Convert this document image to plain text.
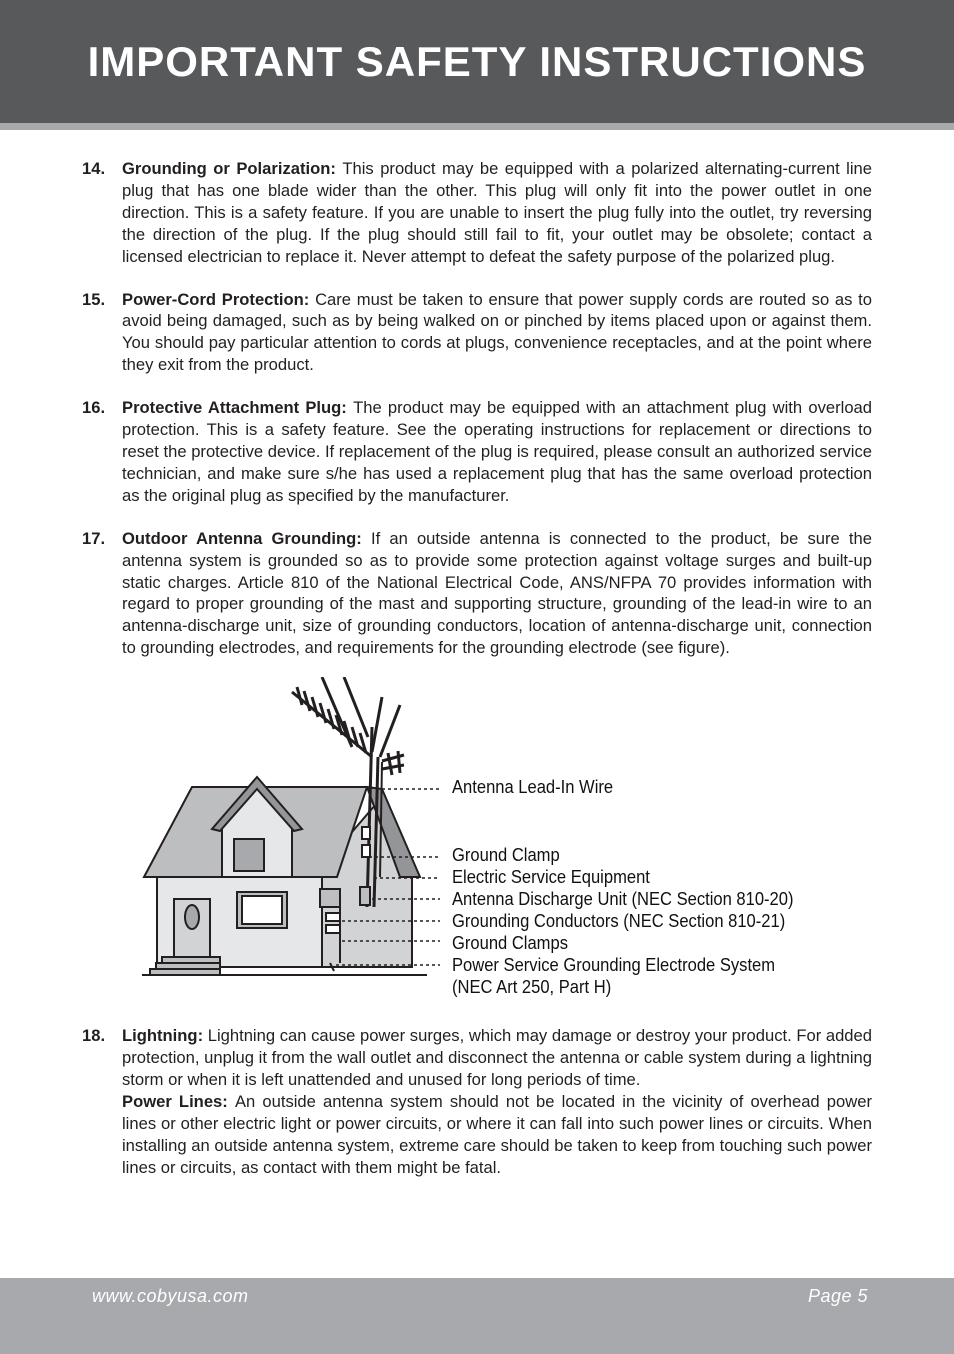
IMPORTANT SAFETY INSTRUCTIONS
14. Grounding or Polarization: This product may be equipped with a polarized alternating-current line plug that has one blade wider than the other. This plug will only fit into the power outlet in one direction. This is a safety feature. If you are unable to insert the plug fully into the outlet, try reversing the direction of the plug. If the plug should still fail to fit, your outlet may be obsolete; contact a licensed electrician to replace it. Never attempt to defeat the safety purpose of the polarized plug.
15. Power-Cord Protection: Care must be taken to ensure that power supply cords are routed so as to avoid being damaged, such as by being walked on or pinched by items placed upon or against them. You should pay particular attention to cords at plugs, convenience receptacles, and at the point where they exit from the product.
16. Protective Attachment Plug: The product may be equipped with an attachment plug with overload protection. This is a safety feature. See the operating instructions for replacement or directions to reset the protective device. If replacement of the plug is required, please consult an authorized service technician, and make sure s/he has used a replacement plug that has the same overload protection as the original plug as specified by the manufacturer.
17. Outdoor Antenna Grounding: If an outside antenna is connected to the product, be sure the antenna system is grounded so as to provide some protection against voltage surges and built-up static charges. Article 810 of the National Electrical Code, ANS/NFPA 70 provides information with regard to proper grounding of the mast and supporting structure, grounding of the lead-in wire to an antenna-discharge unit, size of grounding conductors, location of antenna-discharge unit, connection to grounding electrodes, and requirements for the grounding electrode (see figure).
Antenna Lead-In Wire
Ground Clamp
Electric Service Equipment
Antenna Discharge Unit (NEC Section 810-20)
Grounding Conductors (NEC Section 810-21)
Ground Clamps
Power Service Grounding Electrode System
(NEC Art 250, Part H)
18. Lightning: Lightning can cause power surges, which may damage or destroy your product. For added protection, unplug it from the wall outlet and disconnect the antenna or cable system during a lightning storm or when it is left unattended and unused for long periods of time.
Power Lines: An outside antenna system should not be located in the vicinity of overhead power lines or other electric light or power circuits, or where it can fall into such power lines or circuits. When installing an outside antenna system, extreme care should be taken to keep from touching such power lines or circuits, as contact with them might be fatal.
www.cobyusa.com	Page 5
